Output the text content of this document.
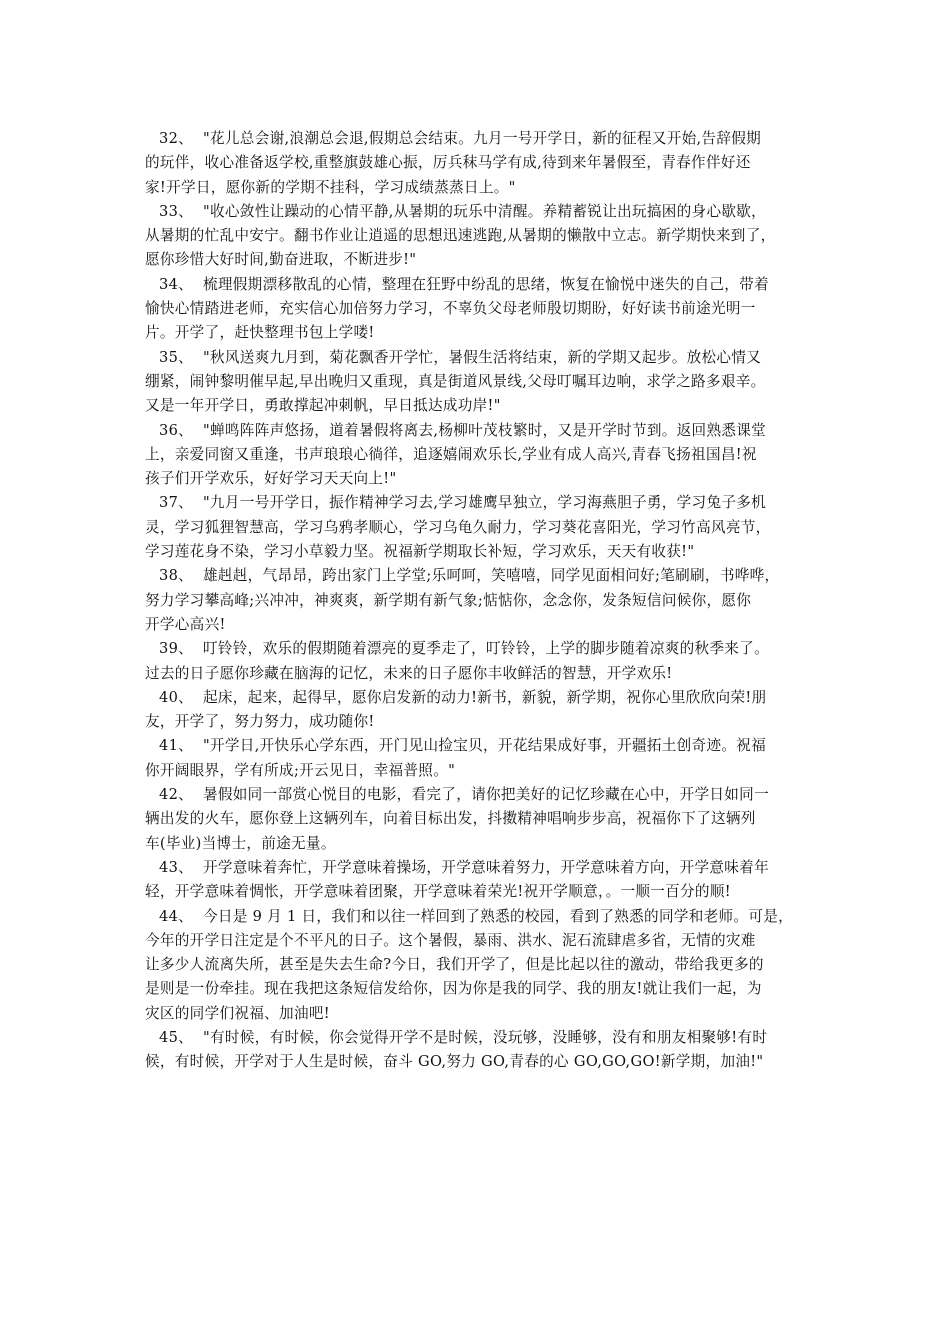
32、 "花儿总会谢,浪潮总会退,假期总会结束。九月一号开学日，新的征程又开始,告辞假期
的玩伴，收心准备返学校,重整旗鼓雄心振，厉兵秣马学有成,待到来年暑假至，青春作伴好还
家!开学日，愿你新的学期不挂科，学习成绩蒸蒸日上。"
33、 "收心敛性让躁动的心情平静,从暑期的玩乐中清醒。养精蓄锐让出玩搞困的身心歇歇，
从暑期的忙乱中安宁。翻书作业让逍遥的思想迅速逃跑,从暑期的懒散中立志。新学期快来到了，
愿你珍惜大好时间,勤奋进取，不断进步!"
34、 梳理假期漂移散乱的心情，整理在狂野中纷乱的思绪，恢复在愉悦中迷失的自己，带着
愉快心情踏进老师，充实信心加倍努力学习，不辜负父母老师殷切期盼，好好读书前途光明一
片。开学了，赶快整理书包上学喽!
35、 "秋风送爽九月到，菊花飘香开学忙，暑假生活将结束，新的学期又起步。放松心情又
绷紧，闹钟黎明催早起,早出晚归又重现，真是街道风景线,父母叮嘱耳边响，求学之路多艰辛。
又是一年开学日，勇敢撑起冲刺帆，早日抵达成功岸!"
36、 "蝉鸣阵阵声悠扬，道着暑假将离去,杨柳叶茂枝繁时，又是开学时节到。返回熟悉课堂
上，亲爱同窗又重逢，书声琅琅心徜徉，追逐嬉闹欢乐长,学业有成人高兴,青春飞扬祖国昌!祝
孩子们开学欢乐，好好学习天天向上!"
37、 "九月一号开学日，振作精神学习去,学习雄鹰早独立，学习海燕胆子勇，学习兔子多机
灵，学习狐狸智慧高，学习乌鸦孝顺心，学习乌龟久耐力，学习葵花喜阳光，学习竹高风亮节，
学习莲花身不染，学习小草毅力坚。祝福新学期取长补短，学习欢乐，天天有收获!"
38、 雄赳赳，气昂昂，跨出家门上学堂;乐呵呵，笑嘻嘻，同学见面相问好;笔刷刷，书哗哗，
努力学习攀高峰;兴冲冲，神爽爽，新学期有新气象;惦惦你，念念你，发条短信问候你，愿你
开学心高兴!
39、 叮铃铃，欢乐的假期随着漂亮的夏季走了，叮铃铃，上学的脚步随着凉爽的秋季来了。
过去的日子愿你珍藏在脑海的记忆，未来的日子愿你丰收鲜活的智慧，开学欢乐!
40、 起床，起来，起得早，愿你启发新的动力!新书，新貌，新学期，祝你心里欣欣向荣!朋
友，开学了，努力努力，成功随你!
41、 "开学日,开快乐心学东西，开门见山捡宝贝，开花结果成好事，开疆拓土创奇迹。祝福
你开阔眼界，学有所成;开云见日，幸福普照。"
42、 暑假如同一部赏心悦目的电影，看完了，请你把美好的记忆珍藏在心中，开学日如同一
辆出发的火车，愿你登上这辆列车，向着目标出发，抖擞精神唱响步步高，祝福你下了这辆列
车(毕业)当博士，前途无量。
43、 开学意味着奔忙，开学意味着操场，开学意味着努力，开学意味着方向，开学意味着年
轻，开学意味着惆怅，开学意味着团聚，开学意味着荣光!祝开学顺意，。一顺一百分的顺!
44、 今日是 9 月 1 日，我们和以往一样回到了熟悉的校园，看到了熟悉的同学和老师。可是，
今年的开学日注定是个不平凡的日子。这个暑假，暴雨、洪水、泥石流肆虐多省，无情的灾难
让多少人流离失所，甚至是失去生命?今日，我们开学了，但是比起以往的激动，带给我更多的
是则是一份牵挂。现在我把这条短信发给你，因为你是我的同学、我的朋友!就让我们一起，为
灾区的同学们祝福、加油吧!
45、 "有时候，有时候，你会觉得开学不是时候，没玩够，没睡够，没有和朋友相聚够!有时
候，有时候，开学对于人生是时候，奋斗 GO,努力 GO,青春的心 GO,GO,GO!新学期，加油!"
